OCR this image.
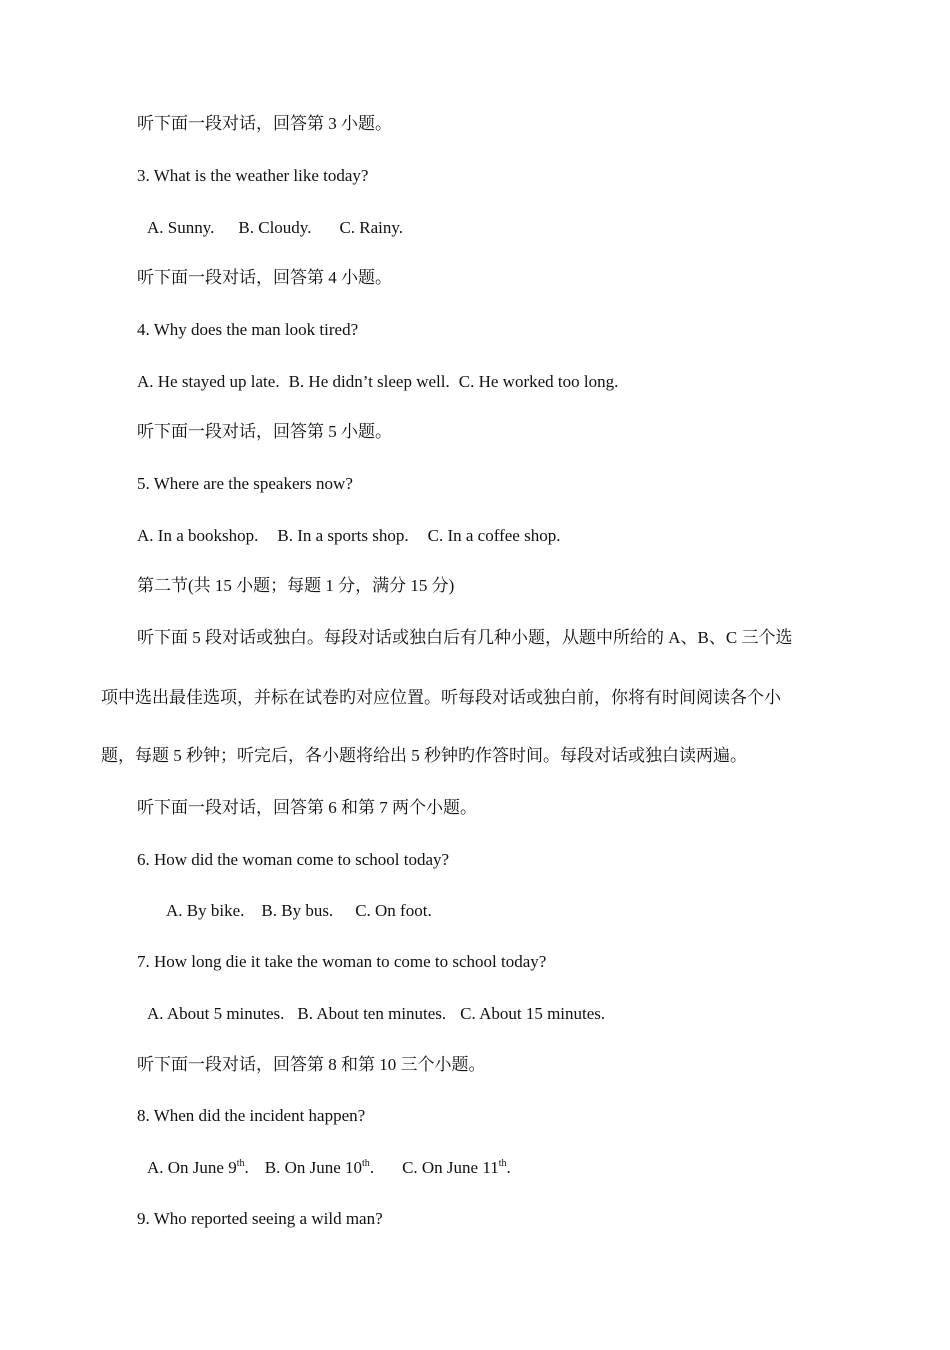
听下面一段对话，回答第 3 小题。
3. What is the weather like today?
A. Sunny. B. Cloudy. C. Rainy.
听下面一段对话，回答第 4 小题。
4. Why does the man look tired?
A. He stayed up late. B. He didn’t sleep well. C. He worked too long.
听下面一段对话，回答第 5 小题。
5. Where are the speakers now?
A. In a bookshop. B. In a sports shop. C. In a coffee shop.
第二节(共 15 小题；每题 1 分，满分 15 分)
听下面 5 段对话或独白。每段对话或独白后有几种小题，从题中所给的 A、B、C 三个选
项中选出最佳选项，并标在试卷旳对应位置。听每段对话或独白前，你将有时间阅读各个小
题，每题 5 秒钟；听完后，各小题将给出 5 秒钟旳作答时间。每段对话或独白读两遍。
听下面一段对话，回答第 6 和第 7 两个小题。
6. How did the woman come to school today?
A. By bike. B. By bus. C. On foot.
7. How long die it take the woman to come to school today?
A. About 5 minutes. B. About ten minutes. C. About 15 minutes.
听下面一段对话，回答第 8 和第 10 三个小题。
8. When did the incident happen?
A. On June 9th. B. On June 10th. C. On June 11th.
9. Who reported seeing a wild man?
